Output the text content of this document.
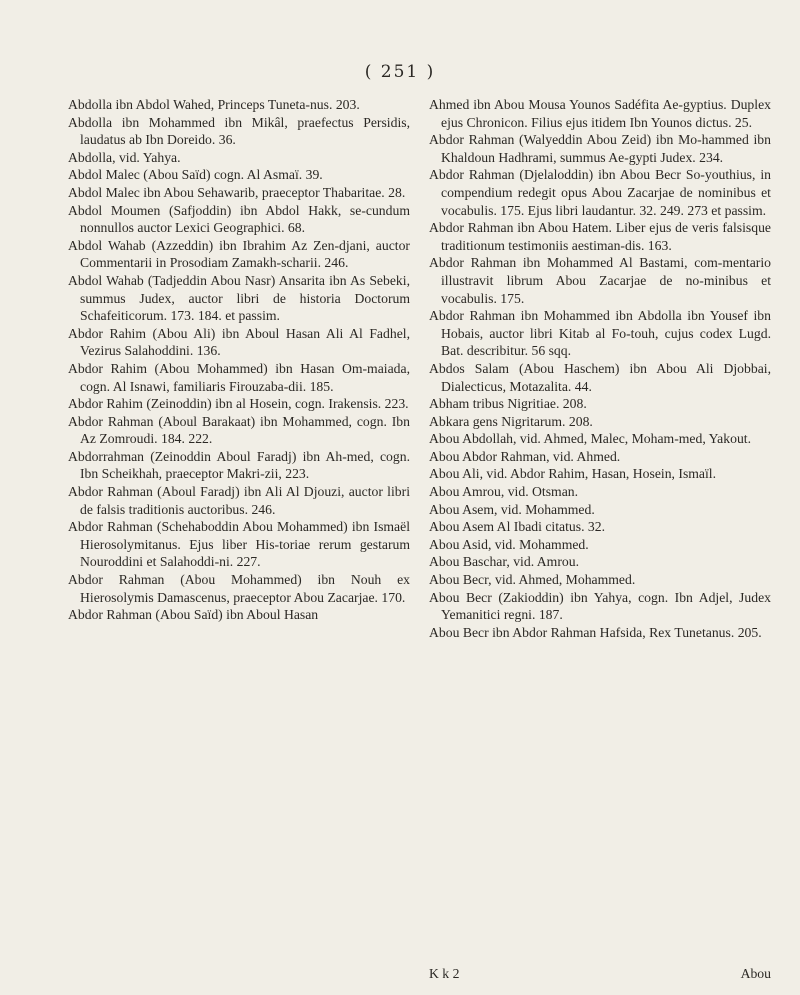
( 251 )

Abdolla ibn Abdol Wahed, Princeps Tuneta-nus. 203.

Abdolla ibn Mohammed ibn Mikâl, praefectus Persidis, laudatus ab Ibn Doreido. 36.

Abdolla, vid. Yahya.

Abdol Malec (Abou Saïd) cogn. Al Asmaï. 39.

Abdol Malec ibn Abou Sehawarib, praeceptor Thabaritae. 28.

Abdol Moumen (Safjoddin) ibn Abdol Hakk, se-cundum nonnullos auctor Lexici Geographici. 68.

Abdol Wahab (Azzeddin) ibn Ibrahim Az Zen-djani, auctor Commentarii in Prosodiam Zamakh-scharii. 246.

Abdol Wahab (Tadjeddin Abou Nasr) Ansarita ibn As Sebeki, summus Judex, auctor libri de historia Doctorum Schafeiticorum. 173. 184. et passim.

Abdor Rahim (Abou Ali) ibn Aboul Hasan Ali Al Fadhel, Vezirus Salahoddini. 136.

Abdor Rahim (Abou Mohammed) ibn Hasan Om-maiada, cogn. Al Isnawi, familiaris Firouzaba-dii. 185.

Abdor Rahim (Zeinoddin) ibn al Hosein, cogn. Irakensis. 223.

Abdor Rahman (Aboul Barakaat) ibn Mohammed, cogn. Ibn Az Zomroudi. 184. 222.

Abdorrahman (Zeinoddin Aboul Faradj) ibn Ah-med, cogn. Ibn Scheikhah, praeceptor Makri-zii, 223.

Abdor Rahman (Aboul Faradj) ibn Ali Al Djouzi, auctor libri de falsis traditionis auctoribus. 246.

Abdor Rahman (Schehaboddin Abou Mohammed) ibn Ismaël Hierosolymitanus. Ejus liber His-toriae rerum gestarum Nouroddini et Salahoddi-ni. 227.

Abdor Rahman (Abou Mohammed) ibn Nouh ex Hierosolymis Damascenus, praeceptor Abou Zacarjae. 170.

Abdor Rahman (Abou Saïd) ibn Aboul Hasan

Ahmed ibn Abou Mousa Younos Sadéfita Ae-gyptius. Duplex ejus Chronicon. Filius ejus itidem Ibn Younos dictus. 25.

Abdor Rahman (Walyeddin Abou Zeid) ibn Mo-hammed ibn Khaldoun Hadhrami, summus Ae-gypti Judex. 234.

Abdor Rahman (Djelaloddin) ibn Abou Becr So-youthius, in compendium redegit opus Abou Zacarjae de nominibus et vocabulis. 175. Ejus libri laudantur. 32. 249. 273 et passim.

Abdor Rahman ibn Abou Hatem. Liber ejus de veris falsisque traditionum testimoniis aestiman-dis. 163.

Abdor Rahman ibn Mohammed Al Bastami, com-mentario illustravit librum Abou Zacarjae de no-minibus et vocabulis. 175.

Abdor Rahman ibn Mohammed ibn Abdolla ibn Yousef ibn Hobais, auctor libri Kitab al Fo-touh, cujus codex Lugd. Bat. describitur. 56 sqq.

Abdos Salam (Abou Haschem) ibn Abou Ali Djobbai, Dialecticus, Motazalita. 44.

Abham tribus Nigritiae. 208.

Abkara gens Nigritarum. 208.

Abou Abdollah, vid. Ahmed, Malec, Moham-med, Yakout.

Abou Abdor Rahman, vid. Ahmed.

Abou Ali, vid. Abdor Rahim, Hasan, Hosein, Ismaïl.

Abou Amrou, vid. Otsman.

Abou Asem, vid. Mohammed.

Abou Asem Al Ibadi citatus. 32.

Abou Asid, vid. Mohammed.

Abou Baschar, vid. Amrou.

Abou Becr, vid. Ahmed, Mohammed.

Abou Becr (Zakioddin) ibn Yahya, cogn. Ibn Adjel, Judex Yemanitici regni. 187.

Abou Becr ibn Abdor Rahman Hafsida, Rex Tunetanus. 205.

K k 2	Abou
